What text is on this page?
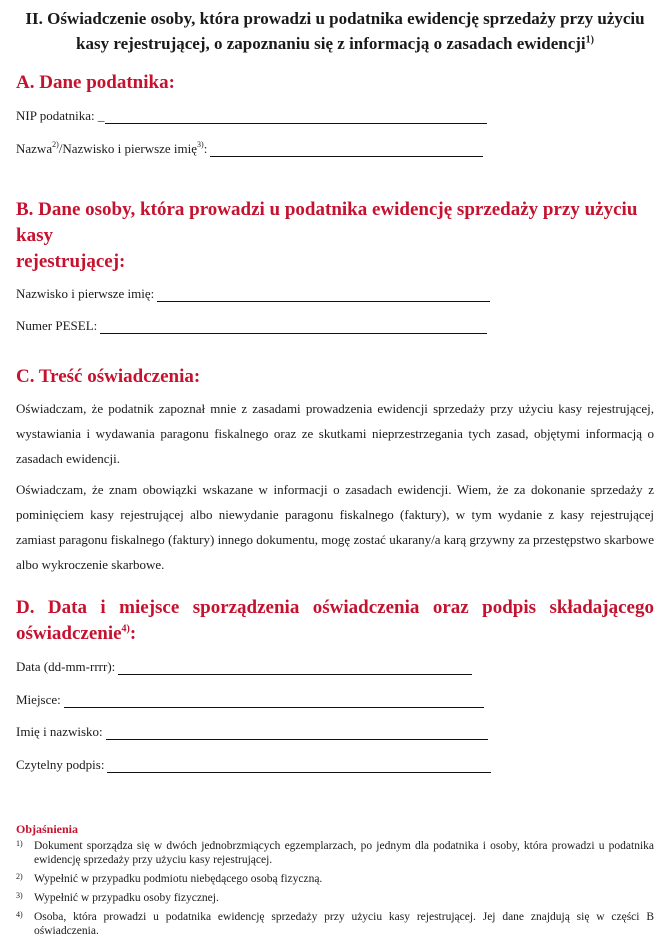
II. Oświadczenie osoby, która prowadzi u podatnika ewidencję sprzedaży przy użyciu
kasy rejestrującej, o zapoznaniu się z informacją o zasadach ewidencji$^{1)}$
A. Dane podatnika:
NIP podatnika: _
Nazwa$^{2)}$/Nazwisko i pierwsze imię$^{3)}$:
B. Dane osoby, która prowadzi u podatnika ewidencję sprzedaży przy użyciu kasy
rejestrującej:
Nazwisko i pierwsze imię:
Numer PESEL:
C. Treść oświadczenia:
Oświadczam, że podatnik zapoznał mnie z zasadami prowadzenia ewidencji sprzedaży przy użyciu kasy rejestrującej, wystawiania i wydawania paragonu fiskalnego oraz ze skutkami nieprzestrzegania tych zasad, objętymi informacją o zasadach ewidencji.
Oświadczam, że znam obowiązki wskazane w informacji o zasadach ewidencji. Wiem, że za dokonanie sprzedaży z pominięciem kasy rejestrującej albo niewydanie paragonu fiskalnego (faktury), w tym wydanie z kasy rejestrującej zamiast paragonu fiskalnego (faktury) innego dokumentu, mogę zostać ukarany/a karą grzywny za przestępstwo skarbowe albo wykroczenie skarbowe.
D. Data i miejsce sporządzenia oświadczenia oraz podpis składającego
oświadczenie$^{4)}$:
Data (dd-mm-rrrr):
Miejsce:
Imię i nazwisko:
Czytelny podpis:
Objaśnienia
1) Dokument sporządza się w dwóch jednobrzmiących egzemplarzach, po jednym dla podatnika i osoby, która prowadzi u podatnika ewidencję sprzedaży przy użyciu kasy rejestrującej.
2) Wypełnić w przypadku podmiotu niebędącego osobą fizyczną.
3) Wypełnić w przypadku osoby fizycznej.
4) Osoba, która prowadzi u podatnika ewidencję sprzedaży przy użyciu kasy rejestrującej. Jej dane znajdują się w części B oświadczenia.
